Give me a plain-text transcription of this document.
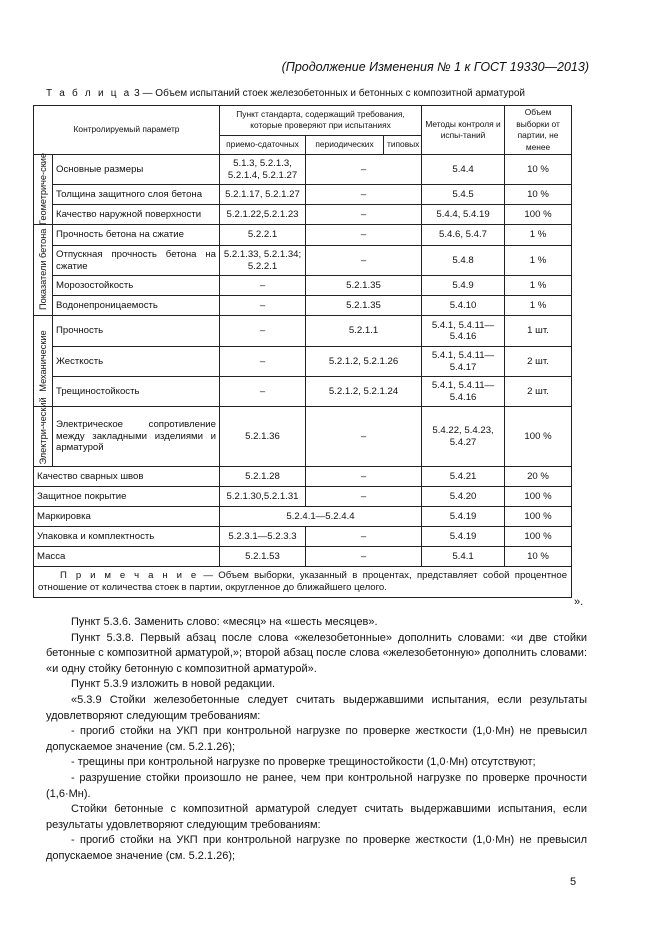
(Продолжение Изменения № 1 к ГОСТ 19330—2013)
Т а б л и ц а 3 — Объем испытаний стоек железобетонных и бетонных с композитной арматурой
Контролируемый параметр		Пункт стандарта, содержащий требования, которые проверяют при испытаниях			Методы контроля и испы-таний	Объем выборки от партии, не менее
		приемо-сдаточных	периодических	типовых		

Геометриче-ские	Основные размеры	5.1.3, 5.2.1.3, 5.2.1.4, 5.2.1.27	–		5.4.4	10 %
	Толщина защитного слоя бетона	5.2.1.17, 5.2.1.27	–		5.4.5	10 %
	Качество наружной поверхности	5.2.1.22,5.2.1.23	–		5.4.4, 5.4.19	100 %

Показатели бетона	Прочность бетона на сжатие	5.2.2.1	–		5.4.6, 5.4.7	1 %
	Отпускная прочность бетона на сжатие	5.2.1.33, 5.2.1.34; 5.2.2.1	–		5.4.8	1 %
	Морозостойкость	–	5.2.1.35		5.4.9	1 %
	Водонепроницаемость	–	5.2.1.35		5.4.10	1 %

Механические	Прочность	–	5.2.1.1		5.4.1, 5.4.11—5.4.16	1 шт.
	Жесткость	–	5.2.1.2, 5.2.1.26		5.4.1, 5.4.11—5.4.17	2 шт.
	Трещиностойкость	–	5.2.1.2, 5.2.1.24		5.4.1, 5.4.11—5.4.16	2 шт.

Электри-ческий	Электрическое сопротивление между закладными изделиями и арматурой	5.2.1.36	–		5.4.22, 5.4.23, 5.4.27	100 %
Качество сварных швов		5.2.1.28	–		5.4.21	20 %
Защитное покрытие		5.2.1.30,5.2.1.31	–		5.4.20	100 %
Маркировка		5.2.4.1—5.2.4.4			5.4.19	100 %
Упаковка и комплектность		5.2.3.1—5.2.3.3	–		5.4.19	100 %
Масса		5.2.1.53	–		5.4.1	10 %
П р и м е ч а н и е — Объем выборки, указанный в процентах, представляет собой процентное отношение от количества стоек в партии, округленное до ближайшего целого.						
».

Пункт 5.3.6. Заменить слово: «месяц» на «шесть месяцев».

Пункт 5.3.8. Первый абзац после слова «железобетонные» дополнить словами: «и две стойки бетонные с композитной арматурой,»; второй абзац после слова «железобетонную» дополнить словами: «и одну стойку бетонную с композитной арматурой».

Пункт 5.3.9 изложить в новой редакции.

«5.3.9 Стойки железобетонные следует считать выдержавшими испытания, если результаты удовлетворяют следующим требованиям:

- прогиб стойки на УКП при контрольной нагрузке по проверке жесткости (1,0·Mн) не превысил допускаемое значение (см. 5.2.1.26);

- трещины при контрольной нагрузке по проверке трещиностойкости (1,0·Mн) отсутствуют;

- разрушение стойки произошло не ранее, чем при контрольной нагрузке по проверке прочности (1,6·Mн).

Стойки бетонные с композитной арматурой следует считать выдержавшими испытания, если результаты удовлетворяют следующим требованиям:

- прогиб стойки на УКП при контрольной нагрузке по проверке жесткости (1,0·Mн) не превысил допускаемое значение (см. 5.2.1.26);

5
